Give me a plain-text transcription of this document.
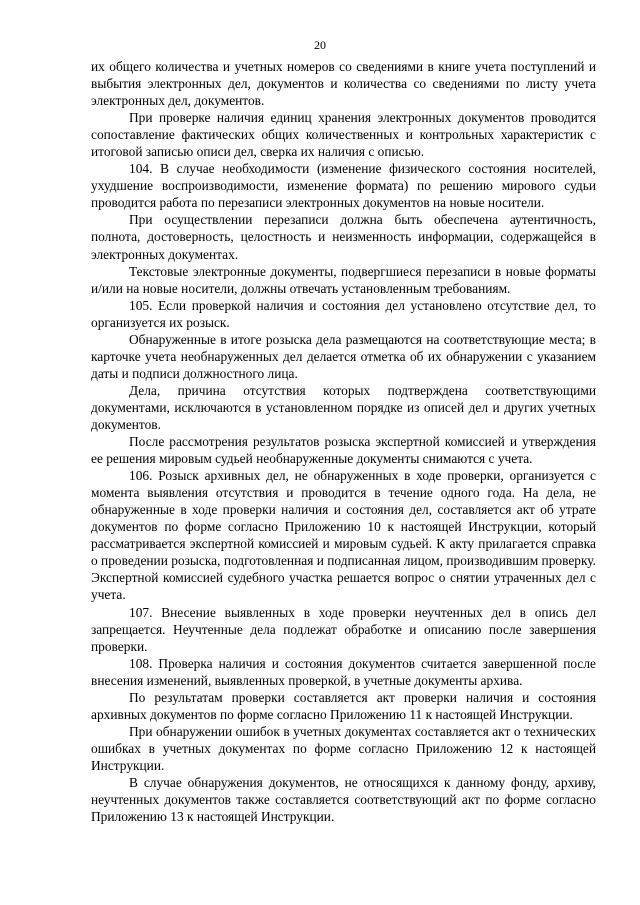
20

их общего количества и учетных номеров со сведениями в книге учета поступлений и выбытия электронных дел, документов и количества со сведениями по листу учета электронных дел, документов.

При проверке наличия единиц хранения электронных документов проводится сопоставление фактических общих количественных и контрольных характеристик с итоговой записью описи дел, сверка их наличия с описью.

104. В случае необходимости (изменение физического состояния носителей, ухудшение воспроизводимости, изменение формата) по решению мирового судьи проводится работа по перезаписи электронных документов на новые носители.

При осуществлении перезаписи должна быть обеспечена аутентичность, полнота, достоверность, целостность и неизменность информации, содержащейся в электронных документах.

Текстовые электронные документы, подвергшиеся перезаписи в новые форматы и/или на новые носители, должны отвечать установленным требованиям.

105. Если проверкой наличия и состояния дел установлено отсутствие дел, то организуется их розыск.

Обнаруженные в итоге розыска дела размещаются на соответствующие места; в карточке учета необнаруженных дел делается отметка об их обнаружении с указанием даты и подписи должностного лица.

Дела, причина отсутствия которых подтверждена соответствующими документами, исключаются в установленном порядке из описей дел и других учетных документов.

После рассмотрения результатов розыска экспертной комиссией и утверждения ее решения мировым судьей необнаруженные документы снимаются с учета.

106. Розыск архивных дел, не обнаруженных в ходе проверки, организуется с момента выявления отсутствия и проводится в течение одного года. На дела, не обнаруженные в ходе проверки наличия и состояния дел, составляется акт об утрате документов по форме согласно Приложению 10 к настоящей Инструкции, который рассматривается экспертной комиссией и мировым судьей. К акту прилагается справка о проведении розыска, подготовленная и подписанная лицом, производившим проверку. Экспертной комиссией судебного участка решается вопрос о снятии утраченных дел с учета.

107. Внесение выявленных в ходе проверки неучтенных дел в опись дел запрещается. Неучтенные дела подлежат обработке и описанию после завершения проверки.

108. Проверка наличия и состояния документов считается завершенной после внесения изменений, выявленных проверкой, в учетные документы архива.

По результатам проверки составляется акт проверки наличия и состояния архивных документов по форме согласно Приложению 11 к настоящей Инструкции.

При обнаружении ошибок в учетных документах составляется акт о технических ошибках в учетных документах по форме согласно Приложению 12 к настоящей Инструкции.

В случае обнаружения документов, не относящихся к данному фонду, архиву, неучтенных документов также составляется соответствующий акт по форме согласно Приложению 13 к настоящей Инструкции.
